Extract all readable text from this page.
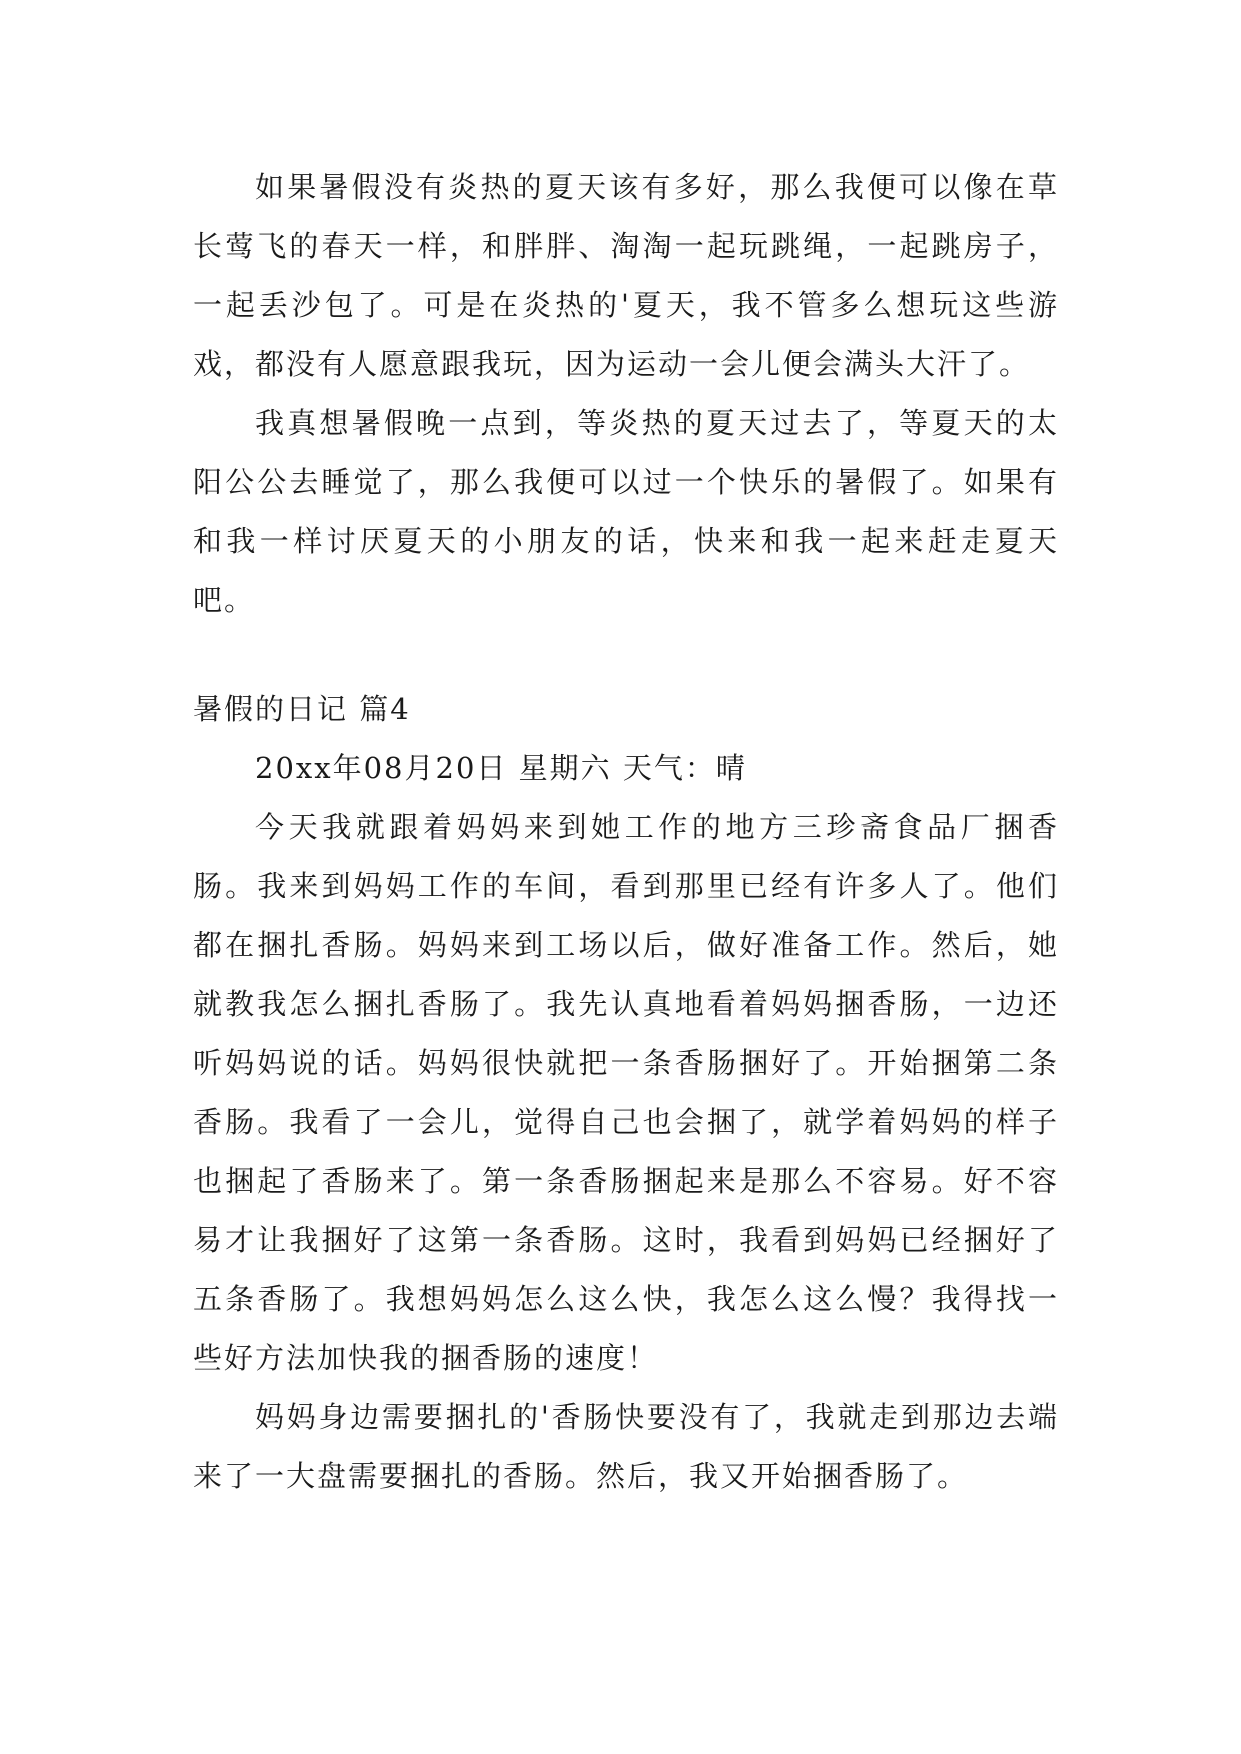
如果暑假没有炎热的夏天该有多好，那么我便可以像在草长莺飞的春天一样，和胖胖、淘淘一起玩跳绳，一起跳房子，一起丢沙包了。可是在炎热的'夏天，我不管多么想玩这些游戏，都没有人愿意跟我玩，因为运动一会儿便会满头大汗了。

我真想暑假晚一点到，等炎热的夏天过去了，等夏天的太阳公公去睡觉了，那么我便可以过一个快乐的暑假了。如果有和我一样讨厌夏天的小朋友的话，快来和我一起来赶走夏天吧。

暑假的日记 篇4

20xx年08月20日 星期六 天气：晴

今天我就跟着妈妈来到她工作的地方三珍斋食品厂捆香肠。我来到妈妈工作的车间，看到那里已经有许多人了。他们都在捆扎香肠。妈妈来到工场以后，做好准备工作。然后，她就教我怎么捆扎香肠了。我先认真地看着妈妈捆香肠，一边还听妈妈说的话。妈妈很快就把一条香肠捆好了。开始捆第二条香肠。我看了一会儿，觉得自己也会捆了，就学着妈妈的样子也捆起了香肠来了。第一条香肠捆起来是那么不容易。好不容易才让我捆好了这第一条香肠。这时，我看到妈妈已经捆好了五条香肠了。我想妈妈怎么这么快，我怎么这么慢？我得找一些好方法加快我的捆香肠的速度！

妈妈身边需要捆扎的'香肠快要没有了，我就走到那边去端来了一大盘需要捆扎的香肠。然后，我又开始捆香肠了。
